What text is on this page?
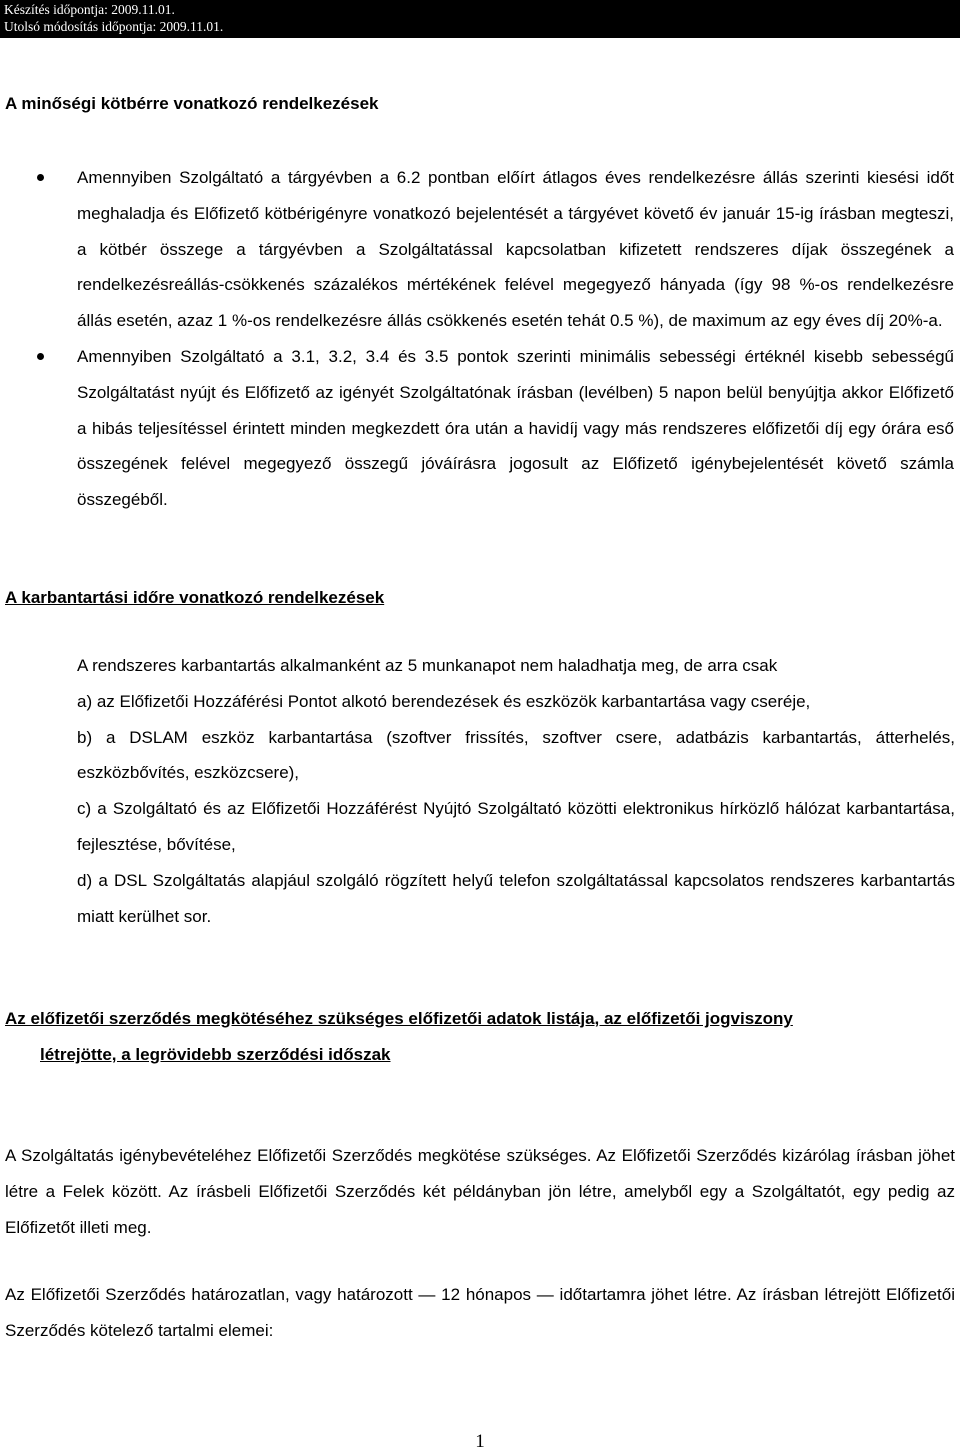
Készítés időpontja: 2009.11.01.
Utolsó módosítás időpontja: 2009.11.01.
A minőségi kötbérre vonatkozó rendelkezések
Amennyiben Szolgáltató a tárgyévben a 6.2 pontban előírt átlagos éves rendelkezésre állás szerinti kiesési időt meghaladja és Előfizető kötbérigényre vonatkozó bejelentését a tárgyévet követő év január 15-ig írásban megteszi, a kötbér összege a tárgyévben a Szolgáltatással kapcsolatban kifizetett rendszeres díjak összegének a rendelkezésreállás-csökkenés százalékos mértékének felével megegyező hányada (így 98 %-os rendelkezésre állás esetén, azaz 1 %-os rendelkezésre állás csökkenés esetén tehát 0.5 %), de maximum az egy éves díj 20%-a.
Amennyiben Szolgáltató a 3.1, 3.2, 3.4 és 3.5 pontok szerinti minimális sebességi értéknél kisebb sebességű Szolgáltatást nyújt és Előfizető az igényét Szolgáltatónak írásban (levélben) 5 napon belül benyújtja akkor Előfizető a hibás teljesítéssel érintett minden megkezdett óra után a havidíj vagy más rendszeres előfizetői díj egy órára eső összegének felével megegyező összegű jóváírásra jogosult az Előfizető igénybejelentését követő számla összegéből.
A karbantartási időre vonatkozó rendelkezések

A rendszeres karbantartás alkalmanként az 5 munkanapot nem haladhatja meg, de arra csak

a) az Előfizetői Hozzáférési Pontot alkotó berendezések és eszközök karbantartása vagy cseréje,

b) a DSLAM eszköz karbantartása (szoftver frissítés, szoftver csere, adatbázis karbantartás, átterhelés, eszközbővítés, eszközcsere),

c) a Szolgáltató és az Előfizetői Hozzáférést Nyújtó Szolgáltató közötti elektronikus hírközlő hálózat karbantartása, fejlesztése, bővítése,

d) a DSL Szolgáltatás alapjául szolgáló rögzített helyű telefon szolgáltatással kapcsolatos rendszeres karbantartás miatt kerülhet sor.

Az előfizetői szerződés megkötéséhez szükséges előfizetői adatok listája, az előfizetői jogviszony
létrejötte, a legrövidebb szerződési időszak

A Szolgáltatás igénybevételéhez Előfizetői Szerződés megkötése szükséges. Az Előfizetői Szerződés kizárólag írásban jöhet létre a Felek között. Az írásbeli Előfizetői Szerződés két példányban jön létre, amelyből egy a Szolgáltatót, egy pedig az Előfizetőt illeti meg.

Az Előfizetői Szerződés határozatlan, vagy határozott — 12 hónapos — időtartamra jöhet létre. Az írásban létrejött Előfizetői Szerződés kötelező tartalmi elemei:

1
